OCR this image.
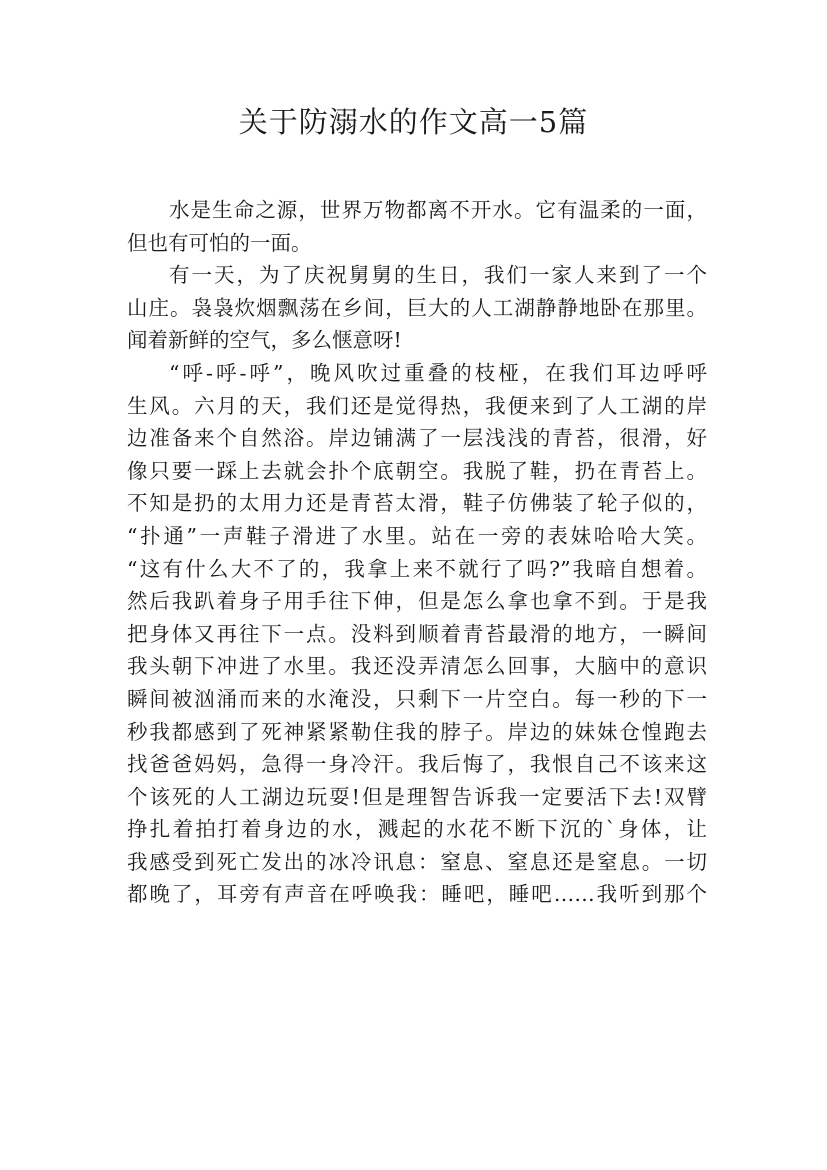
关于防溺水的作文高一5篇
水是生命之源，世界万物都离不开水。它有温柔的一面，
但也有可怕的一面。
有一天，为了庆祝舅舅的生日，我们一家人来到了一个
山庄。袅袅炊烟飘荡在乡间，巨大的人工湖静静地卧在那里。
闻着新鲜的空气，多么惬意呀!
“呼-呼-呼”，晚风吹过重叠的枝桠，在我们耳边呼呼
生风。六月的天，我们还是觉得热，我便来到了人工湖的岸
边准备来个自然浴。岸边铺满了一层浅浅的青苔，很滑，好
像只要一踩上去就会扑个底朝空。我脱了鞋，扔在青苔上。
不知是扔的太用力还是青苔太滑，鞋子仿佛装了轮子似的，
“扑通”一声鞋子滑进了水里。站在一旁的表妹哈哈大笑。
“这有什么大不了的，我拿上来不就行了吗?”我暗自想着。
然后我趴着身子用手往下伸，但是怎么拿也拿不到。于是我
把身体又再往下一点。没料到顺着青苔最滑的地方，一瞬间
我头朝下冲进了水里。我还没弄清怎么回事，大脑中的意识
瞬间被汹涌而来的水淹没，只剩下一片空白。每一秒的下一
秒我都感到了死神紧紧勒住我的脖子。岸边的妹妹仓惶跑去
找爸爸妈妈，急得一身冷汗。我后悔了，我恨自己不该来这
个该死的人工湖边玩耍!但是理智告诉我一定要活下去!双臂
挣扎着拍打着身边的水，溅起的水花不断下沉的`身体，让
我感受到死亡发出的冰冷讯息：窒息、窒息还是窒息。一切
都晚了，耳旁有声音在呼唤我：睡吧，睡吧……我听到那个
